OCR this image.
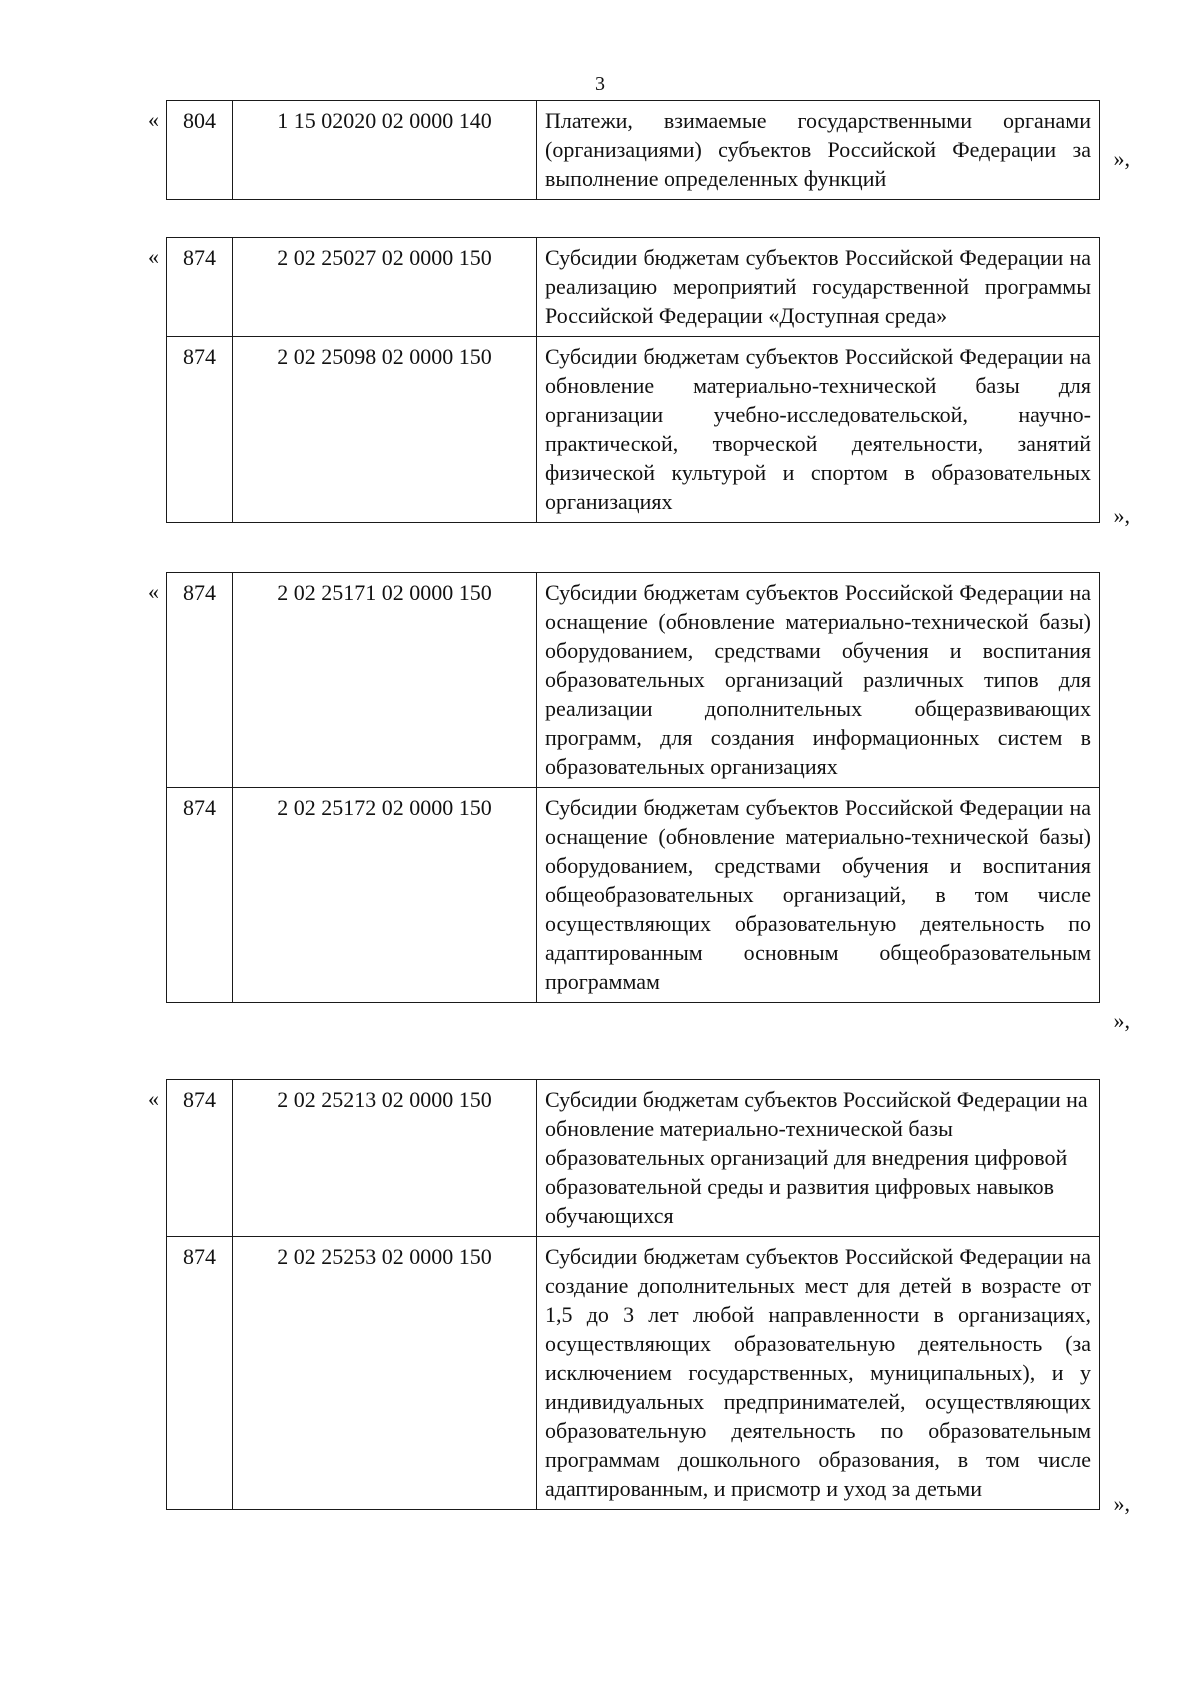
3
« 804	1 15 02020 02 0000 140	Платежи, взимаемые государственными органами (организациями) субъектов Российской Федерации за выполнение определенных функций
»,
« 874	2 02 25027 02 0000 150	Субсидии бюджетам субъектов Российской Федерации на реализацию мероприятий государственной программы Российской Федерации «Доступная среда»
874	2 02 25098 02 0000 150	Субсидии бюджетам субъектов Российской Федерации на обновление материально-технической базы для организации учебно-исследовательской, научно-практической, творческой деятельности, занятий физической культурой и спортом в образовательных организациях
»,
« 874	2 02 25171 02 0000 150	Субсидии бюджетам субъектов Российской Федерации на оснащение (обновление материально-технической базы) оборудованием, средствами обучения и воспитания образовательных организаций различных типов для реализации дополнительных общеразвивающих программ, для создания информационных систем в образовательных организациях
874	2 02 25172 02 0000 150	Субсидии бюджетам субъектов Российской Федерации на оснащение (обновление материально-технической базы) оборудованием, средствами обучения и воспитания общеобразовательных организаций, в том числе осуществляющих образовательную деятельность по адаптированным основным общеобразовательным программам
»,
« 874	2 02 25213 02 0000 150	Субсидии бюджетам субъектов Российской Федерации на обновление материально-технической базы образовательных организаций для внедрения цифровой образовательной среды и развития цифровых навыков обучающихся
874	2 02 25253 02 0000 150	Субсидии бюджетам субъектов Российской Федерации на создание дополнительных мест для детей в возрасте от 1,5 до 3 лет любой направленности в организациях, осуществляющих образовательную деятельность (за исключением государственных, муниципальных), и у индивидуальных предпринимателей, осуществляющих образовательную деятельность по образовательным программам дошкольного образования, в том числе адаптированным, и присмотр и уход за детьми
»,
